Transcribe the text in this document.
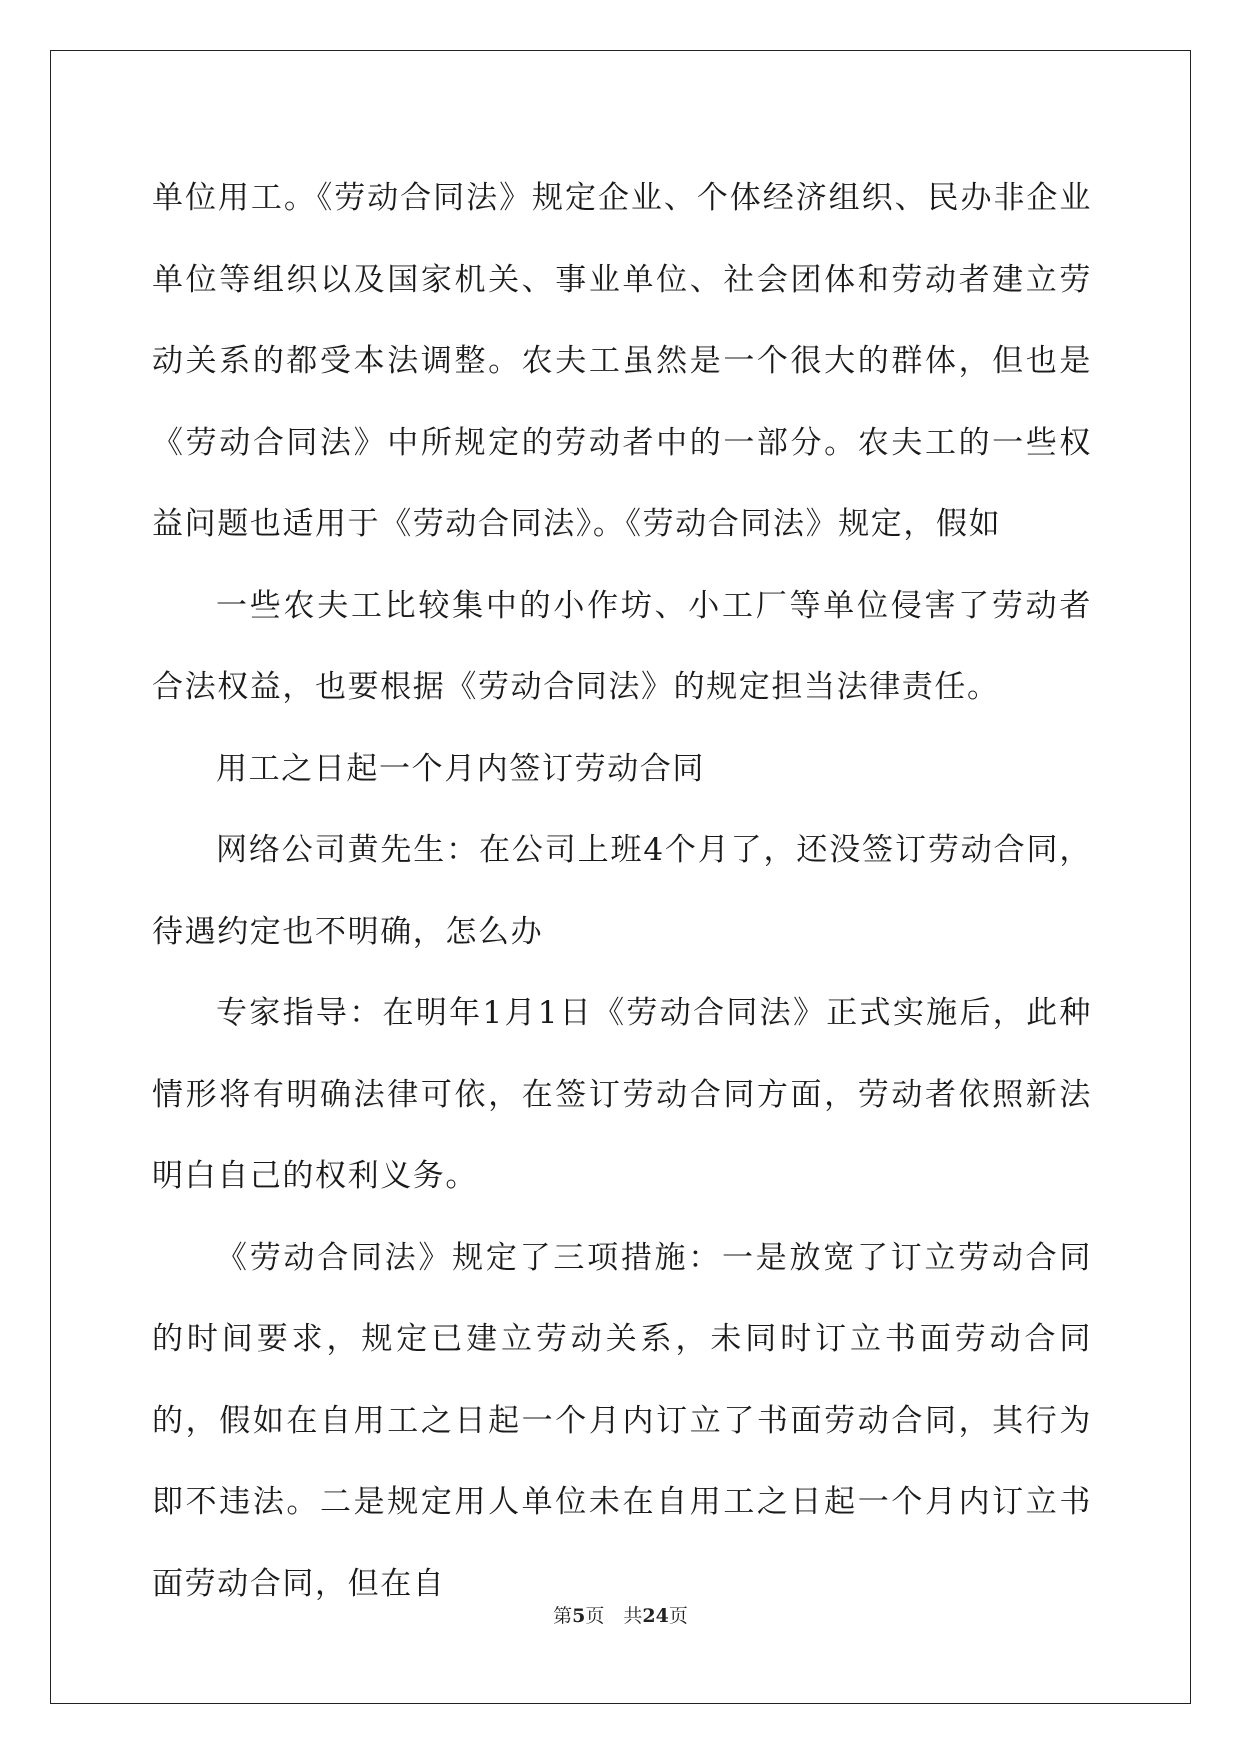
单位用工。《劳动合同法》规定企业、个体经济组织、民办非企业单位等组织以及国家机关、事业单位、社会团体和劳动者建立劳动关系的都受本法调整。农夫工虽然是一个很大的群体，但也是《劳动合同法》中所规定的劳动者中的一部分。农夫工的一些权益问题也适用于《劳动合同法》。《劳动合同法》规定，假如

一些农夫工比较集中的小作坊、小工厂等单位侵害了劳动者合法权益，也要根据《劳动合同法》的规定担当法律责任。

用工之日起一个月内签订劳动合同

网络公司黄先生：在公司上班4个月了，还没签订劳动合同，待遇约定也不明确，怎么办

专家指导：在明年1月1日《劳动合同法》正式实施后，此种情形将有明确法律可依，在签订劳动合同方面，劳动者依照新法明白自己的权利义务。

《劳动合同法》规定了三项措施：一是放宽了订立劳动合同的时间要求，规定已建立劳动关系，未同时订立书面劳动合同的，假如在自用工之日起一个月内订立了书面劳动合同，其行为即不违法。二是规定用人单位未在自用工之日起一个月内订立书面劳动合同，但在自

第5页　共24页
